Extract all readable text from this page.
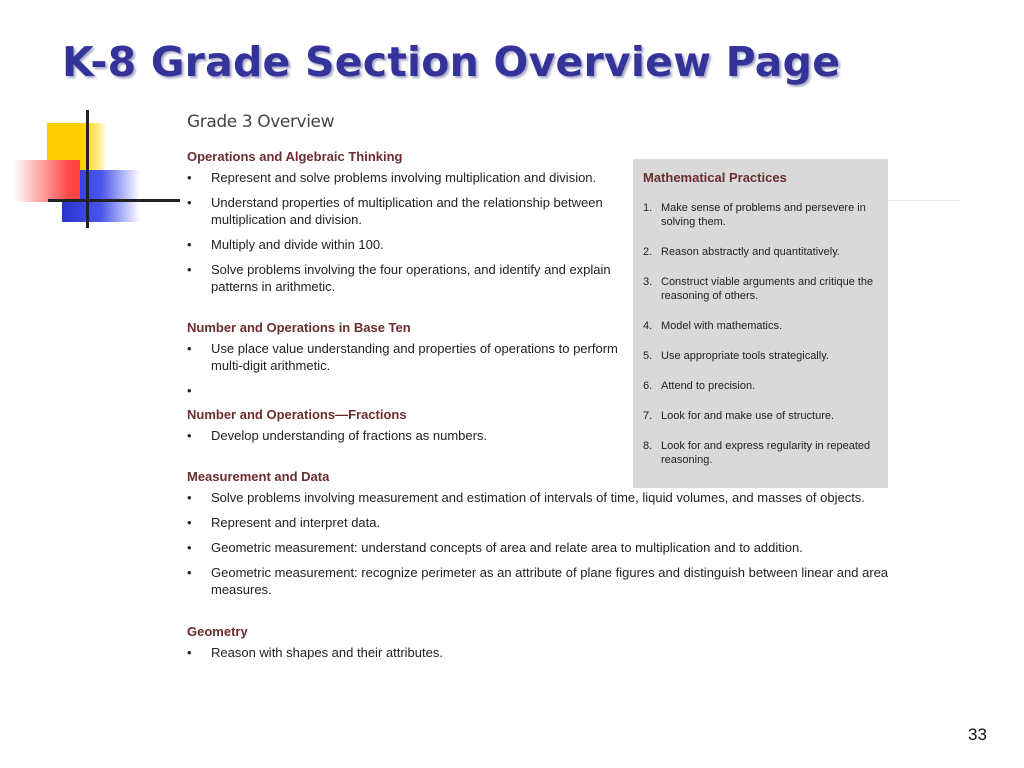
K-8 Grade Section Overview Page
Grade 3 Overview
Operations and Algebraic Thinking
• Represent and solve problems involving multiplication and division.
• Understand properties of multiplication and the relationship between multiplication and division.
• Multiply and divide within 100.
• Solve problems involving the four operations, and identify and explain patterns in arithmetic.
Number and Operations in Base Ten
• Use place value understanding and properties of operations to perform multi-digit arithmetic.
•
Number and Operations—Fractions
• Develop understanding of fractions as numbers.
Measurement and Data
• Solve problems involving measurement and estimation of intervals of time, liquid volumes, and masses of objects.
• Represent and interpret data.
• Geometric measurement: understand concepts of area and relate area to multiplication and to addition.
• Geometric measurement: recognize perimeter as an attribute of plane figures and distinguish between linear and area measures.
Geometry
• Reason with shapes and their attributes.
Mathematical Practices
1. Make sense of problems and persevere in solving them.
2. Reason abstractly and quantitatively.
3. Construct viable arguments and critique the reasoning of others.
4. Model with mathematics.
5. Use appropriate tools strategically.
6. Attend to precision.
7. Look for and make use of structure.
8. Look for and express regularity in repeated reasoning.
33
